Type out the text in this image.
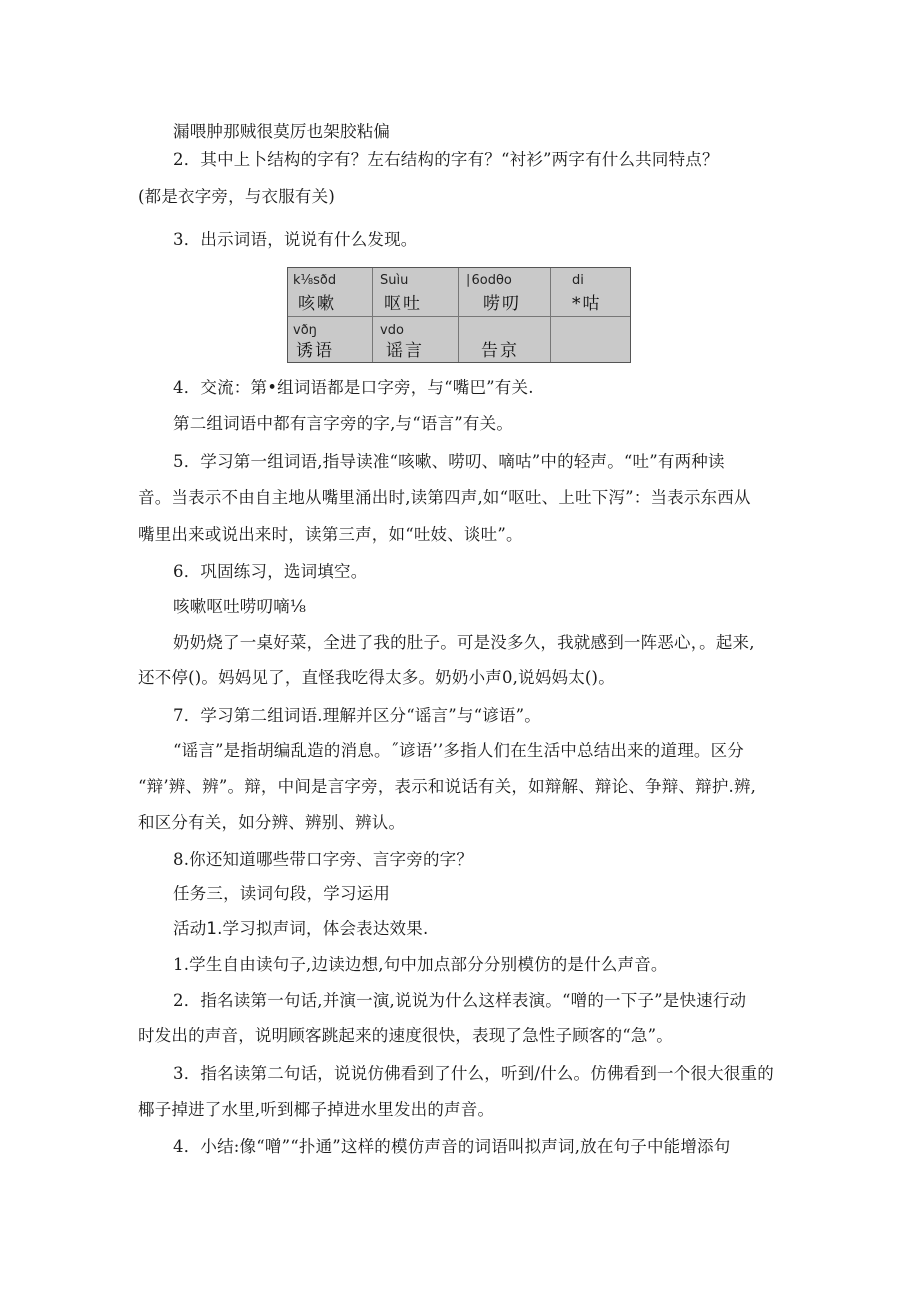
漏喂肿那贼很莫厉也架胶粘偏
2．其中上卜结构的字有？左右结构的字有？“衬衫”两字有什么共同特点？
(都是衣字旁，与衣服有关)
3．出示词语，说说有什么发现。
k⅛sðd
咳嗽
Suìu
呕吐
∣6odθo
唠叨
di
*咕
vðŋ
诱语
vdo
谣言	告京
4．交流：第•组词语都是口字旁，与“嘴巴”有关.
第二组词语中都有言字旁的字,与“语言”有关。
5．学习第一组词语,指导读准“咳嗽、唠叨、嘀咕”中的轻声。“吐”有两种读
音。当表示不由自主地从嘴里涌出时,读第四声,如“呕吐、上吐下泻”：当表示东西从
嘴里出来或说出来时，读第三声，如“吐妓、谈吐”。
6．巩固练习，选词填空。
咳嗽呕吐唠叨嘀⅛
奶奶烧了一桌好菜，全进了我的肚子。可是没多久，我就感到一阵恶心，。起来,
还不停()。妈妈见了，直怪我吃得太多。奶奶小声0,说妈妈太()。
7．学习第二组词语.理解并区分“谣言”与“谚语”。
“谣言”是指胡编乱造的消息。˝谚语’’多指人们在生活中总结出来的道理。区分
“辩’辨、辨”。辩，中间是言字旁，表示和说话有关，如辩解、辩论、争辩、辩护.辨,
和区分有关，如分辨、辨别、辨认。
8.你还知道哪些带口字旁、言字旁的字？
任务三，读词句段，学习运用
活动1.学习拟声词，体会表达效果.
1.学生自由读句子,边读边想,句中加点部分分别模仿的是什么声音。
2．指名读第一句话,并演一演,说说为什么这样表演。“噌的一下子”是快速行动
时发出的声音，说明顾客跳起来的速度很快，表现了急性子顾客的“急”。
3．指名读第二句话，说说仿佛看到了什么，听到/什么。仿佛看到一个很大很重的
椰子掉进了水里,听到椰子掉进水里发出的声音。
4．小结:像“噌”“扑通”这样的模仿声音的词语叫拟声词,放在句子中能增添句
